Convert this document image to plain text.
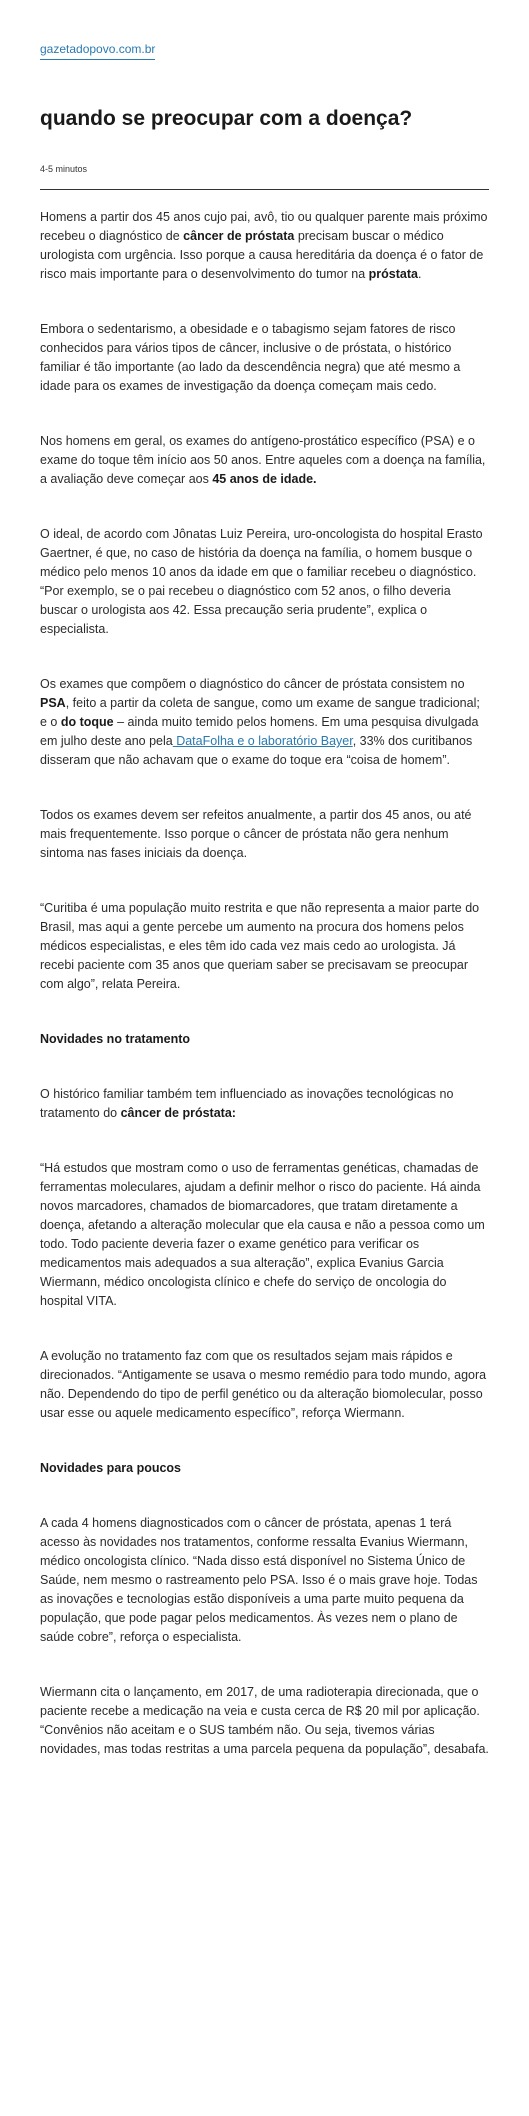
gazetadopovo.com.br
quando se preocupar com a doença?
4-5 minutos

Homens a partir dos 45 anos cujo pai, avô, tio ou qualquer parente mais próximo recebeu o diagnóstico de câncer de próstata precisam buscar o médico urologista com urgência. Isso porque a causa hereditária da doença é o fator de risco mais importante para o desenvolvimento do tumor na próstata.

Embora o sedentarismo, a obesidade e o tabagismo sejam fatores de risco conhecidos para vários tipos de câncer, inclusive o de próstata, o histórico familiar é tão importante (ao lado da descendência negra) que até mesmo a idade para os exames de investigação da doença começam mais cedo.

Nos homens em geral, os exames do antígeno-prostático específico (PSA) e o exame do toque têm início aos 50 anos. Entre aqueles com a doença na família, a avaliação deve começar aos 45 anos de idade.

O ideal, de acordo com Jônatas Luiz Pereira, uro-oncologista do hospital Erasto Gaertner, é que, no caso de história da doença na família, o homem busque o médico pelo menos 10 anos da idade em que o familiar recebeu o diagnóstico. “Por exemplo, se o pai recebeu o diagnóstico com 52 anos, o filho deveria buscar o urologista aos 42. Essa precaução seria prudente”, explica o especialista.

Os exames que compõem o diagnóstico do câncer de próstata consistem no PSA, feito a partir da coleta de sangue, como um exame de sangue tradicional; e o do toque – ainda muito temido pelos homens. Em uma pesquisa divulgada em julho deste ano pela DataFolha e o laboratório Bayer, 33% dos curitibanos disseram que não achavam que o exame do toque era “coisa de homem”.

Todos os exames devem ser refeitos anualmente, a partir dos 45 anos, ou até mais frequentemente. Isso porque o câncer de próstata não gera nenhum sintoma nas fases iniciais da doença.

“Curitiba é uma população muito restrita e que não representa a maior parte do Brasil, mas aqui a gente percebe um aumento na procura dos homens pelos médicos especialistas, e eles têm ido cada vez mais cedo ao urologista. Já recebi paciente com 35 anos que queriam saber se precisavam se preocupar com algo”, relata Pereira.

Novidades no tratamento

O histórico familiar também tem influenciado as inovações tecnológicas no tratamento do câncer de próstata:

“Há estudos que mostram como o uso de ferramentas genéticas, chamadas de ferramentas moleculares, ajudam a definir melhor o risco do paciente. Há ainda novos marcadores, chamados de biomarcadores, que tratam diretamente a doença, afetando a alteração molecular que ela causa e não a pessoa como um todo. Todo paciente deveria fazer o exame genético para verificar os medicamentos mais adequados a sua alteração”, explica Evanius Garcia Wiermann, médico oncologista clínico e chefe do serviço de oncologia do hospital VITA.

A evolução no tratamento faz com que os resultados sejam mais rápidos e direcionados. “Antigamente se usava o mesmo remédio para todo mundo, agora não. Dependendo do tipo de perfil genético ou da alteração biomolecular, posso usar esse ou aquele medicamento específico”, reforça Wiermann.

Novidades para poucos

A cada 4 homens diagnosticados com o câncer de próstata, apenas 1 terá acesso às novidades nos tratamentos, conforme ressalta Evanius Wiermann, médico oncologista clínico. “Nada disso está disponível no Sistema Único de Saúde, nem mesmo o rastreamento pelo PSA. Isso é o mais grave hoje. Todas as inovações e tecnologias estão disponíveis a uma parte muito pequena da população, que pode pagar pelos medicamentos. Às vezes nem o plano de saúde cobre”, reforça o especialista.

Wiermann cita o lançamento, em 2017, de uma radioterapia direcionada, que o paciente recebe a medicação na veia e custa cerca de R$ 20 mil por aplicação. “Convênios não aceitam e o SUS também não. Ou seja, tivemos várias novidades, mas todas restritas a uma parcela pequena da população”, desabafa.
